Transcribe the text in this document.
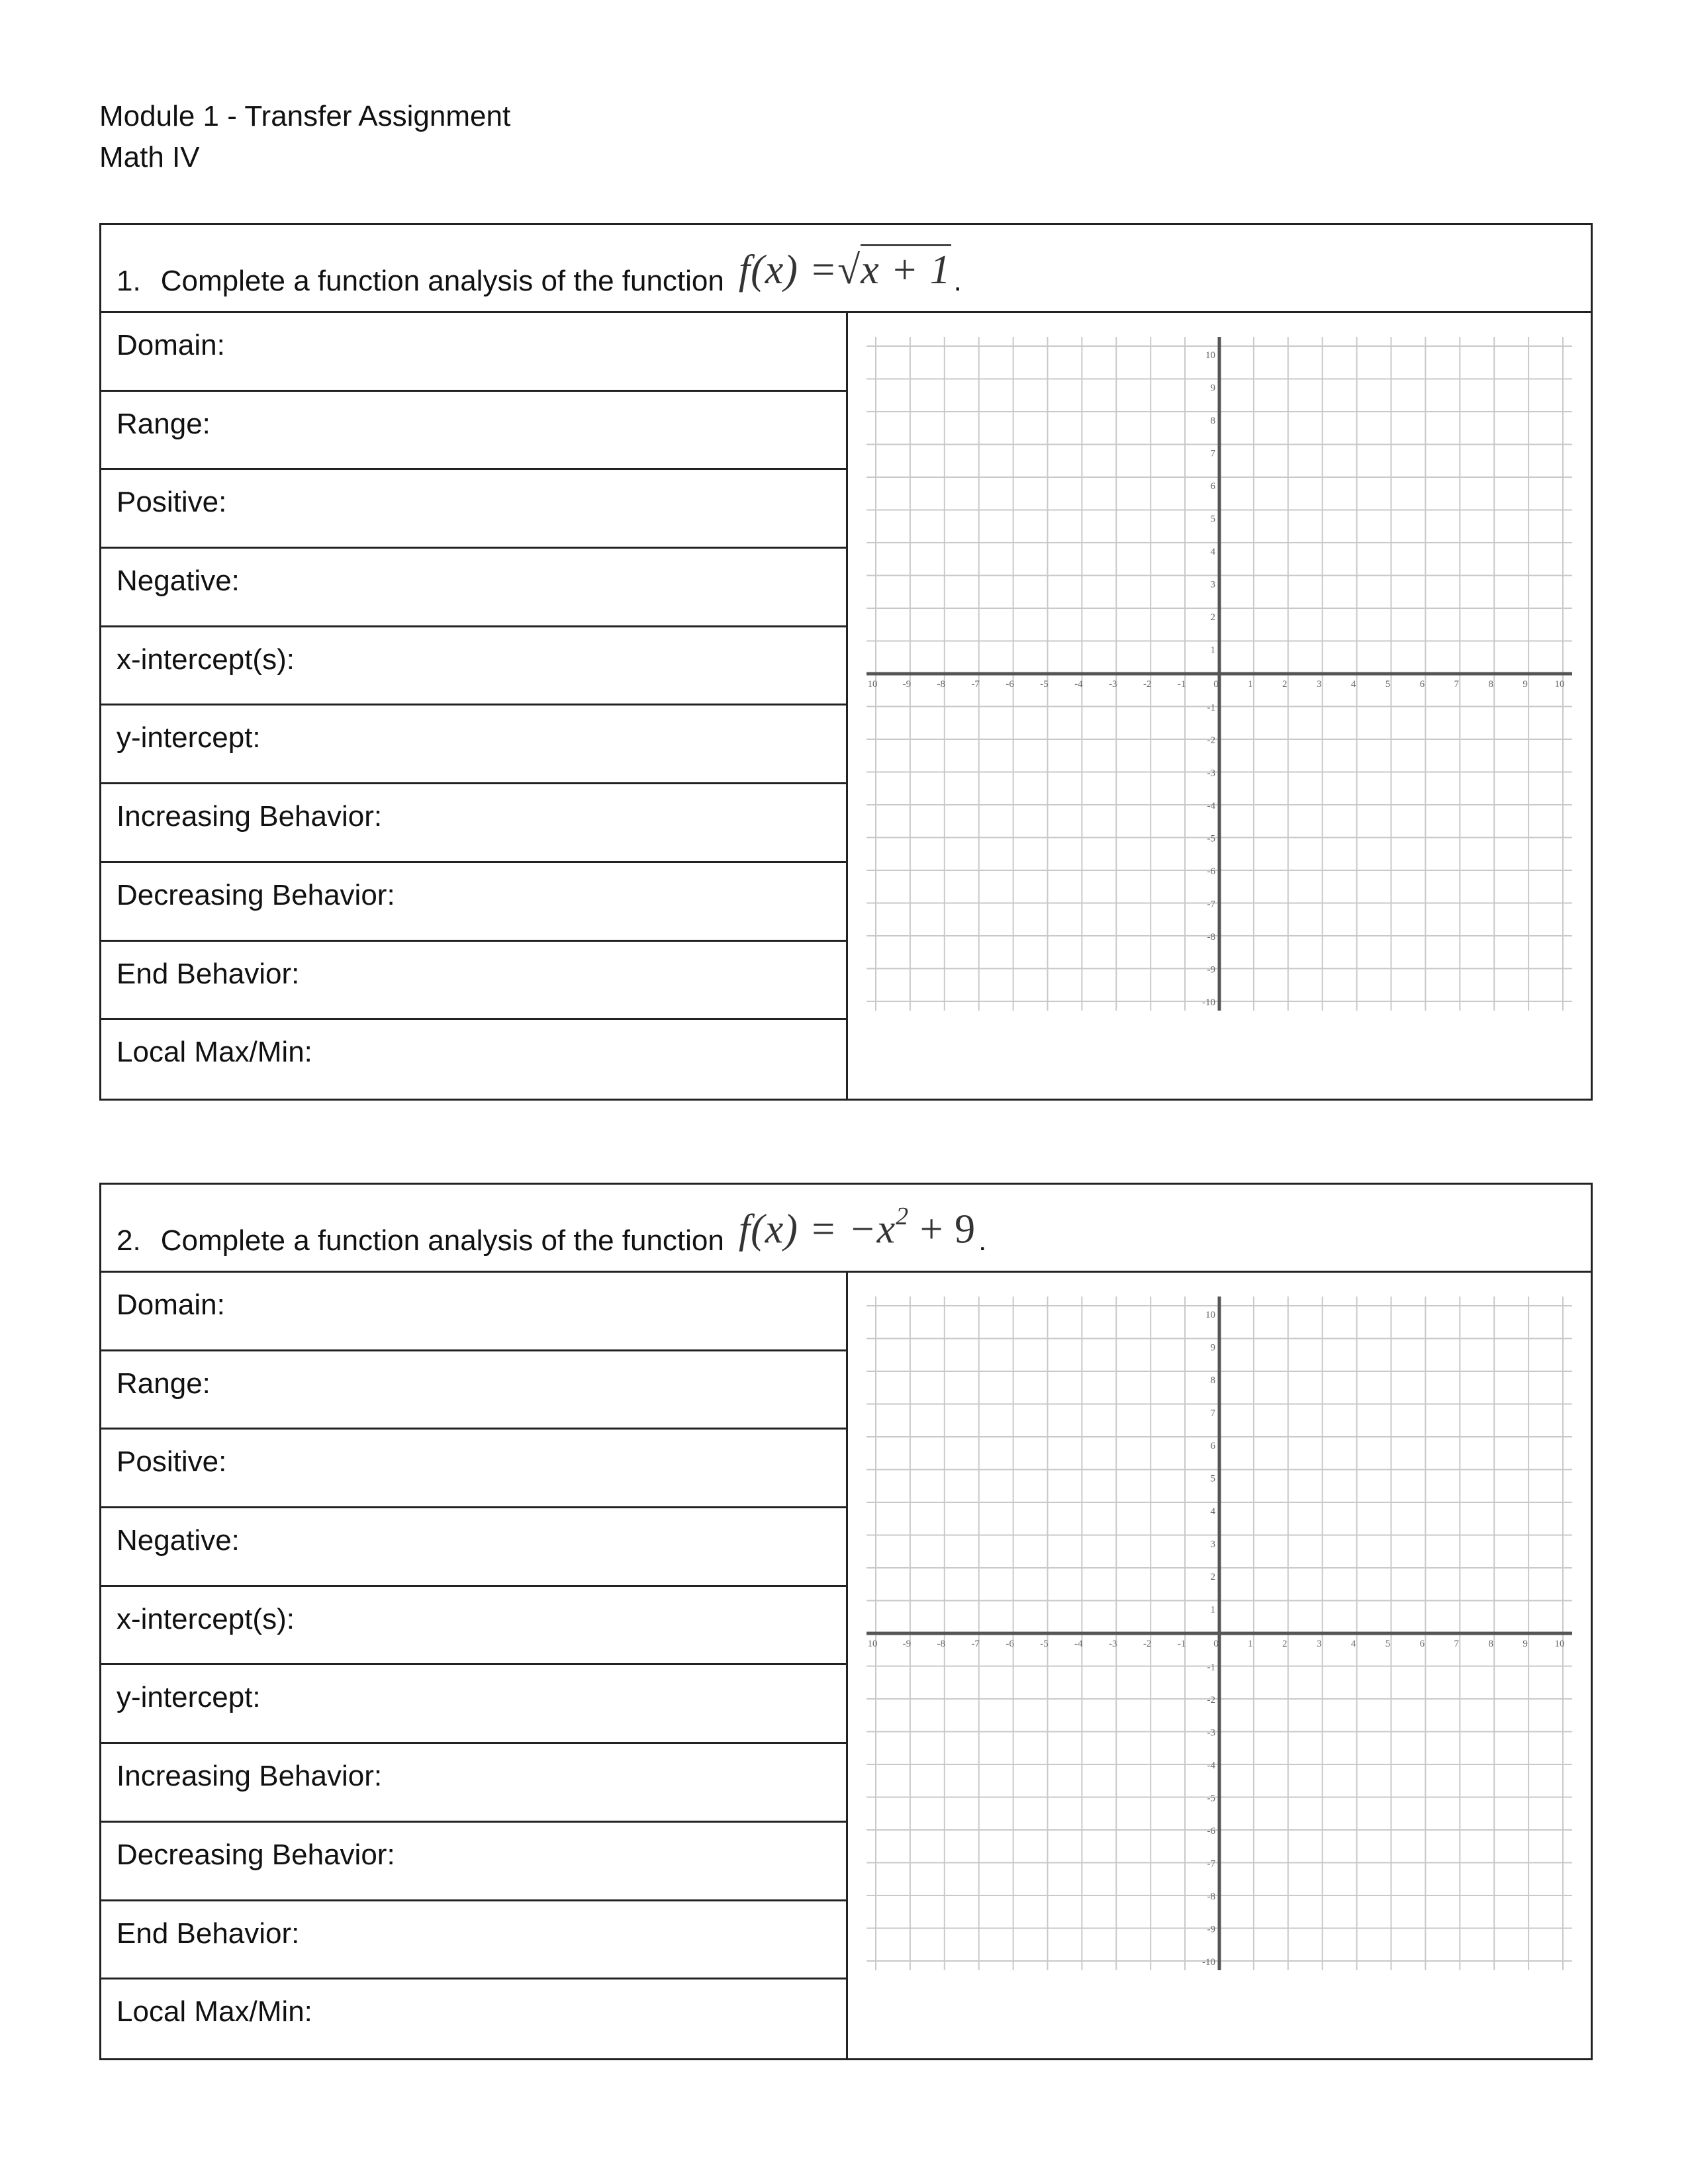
Module 1 - Transfer Assignment
Math IV
1. Complete a function analysis of the function f(x) =√x + 1 .
Domain:
Range:
Positive:
Negative:
x-intercept(s):
y-intercept:
Increasing Behavior:
Decreasing Behavior:
End Behavior:
Local Max/Min:
10	-9	-8	-7	-6	-5	-4	-3	-2	-1	0	1	2	3	4	5	6	7	8	9	10
10
9
8
7
6
5
4
3
2
1
-1
-2
-3
-4
-5
-6
-7
-8
-9
-10
2. Complete a function analysis of the function $f(x) = -x^2 + 9$ .
Domain:
Range:
Positive:
Negative:
x-intercept(s):
y-intercept:
Increasing Behavior:
Decreasing Behavior:
End Behavior:
Local Max/Min:
10	-9	-8	-7	-6	-5	-4	-3	-2	-1	0	1	2	3	4	5	6	7	8	9	10
10
9
8
7
6
5
4
3
2
1
-1
-2
-3
-4
-5
-6
-7
-8
-9
-10
